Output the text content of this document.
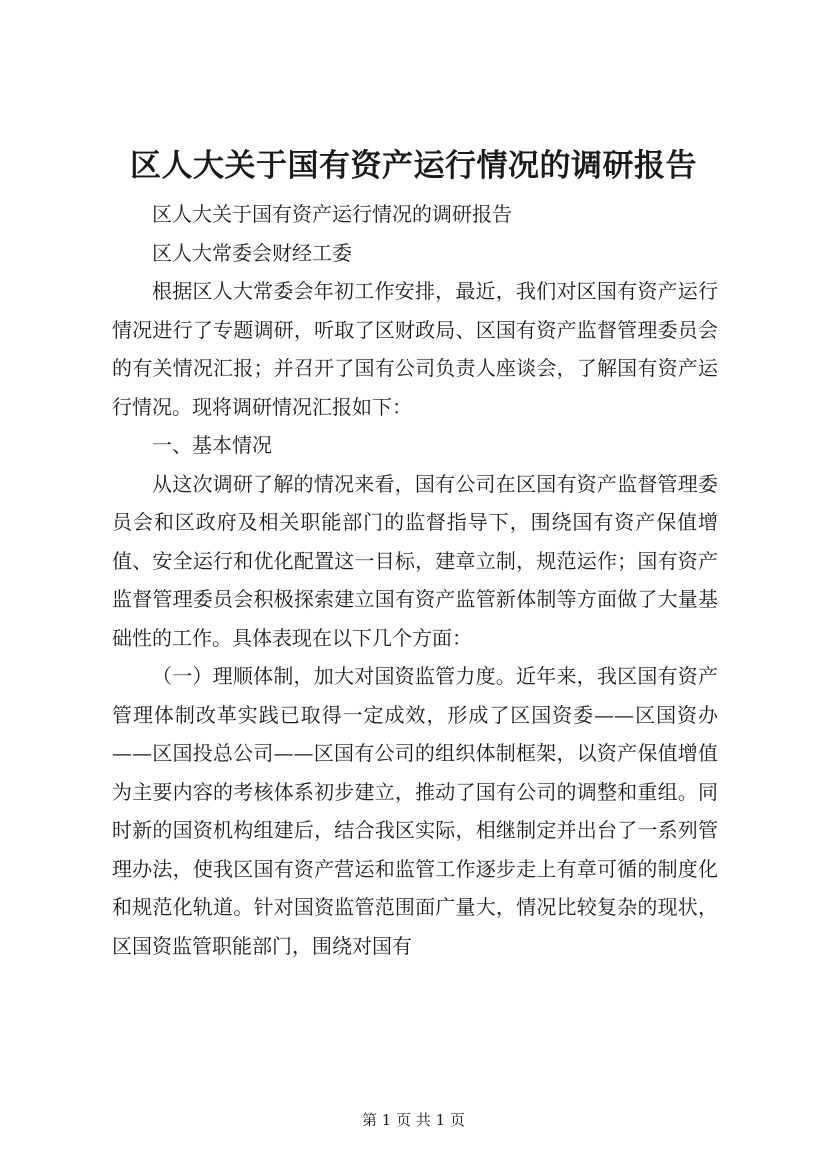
区人大关于国有资产运行情况的调研报告

区人大关于国有资产运行情况的调研报告

区人大常委会财经工委

根据区人大常委会年初工作安排，最近，我们对区国有资产运行情况进行了专题调研，听取了区财政局、区国有资产监督管理委员会的有关情况汇报；并召开了国有公司负责人座谈会，了解国有资产运行情况。现将调研情况汇报如下：

一、基本情况

从这次调研了解的情况来看，国有公司在区国有资产监督管理委员会和区政府及相关职能部门的监督指导下，围绕国有资产保值增值、安全运行和优化配置这一目标，建章立制，规范运作；国有资产监督管理委员会积极探索建立国有资产监管新体制等方面做了大量基础性的工作。具体表现在以下几个方面：

（一）理顺体制，加大对国资监管力度。近年来，我区国有资产管理体制改革实践已取得一定成效，形成了区国资委——区国资办——区国投总公司——区国有公司的组织体制框架，以资产保值增值为主要内容的考核体系初步建立，推动了国有公司的调整和重组。同时新的国资机构组建后，结合我区实际，相继制定并出台了一系列管理办法，使我区国有资产营运和监管工作逐步走上有章可循的制度化和规范化轨道。针对国资监管范围面广量大，情况比较复杂的现状，区国资监管职能部门，围绕对国有

第 1 页 共 1 页
